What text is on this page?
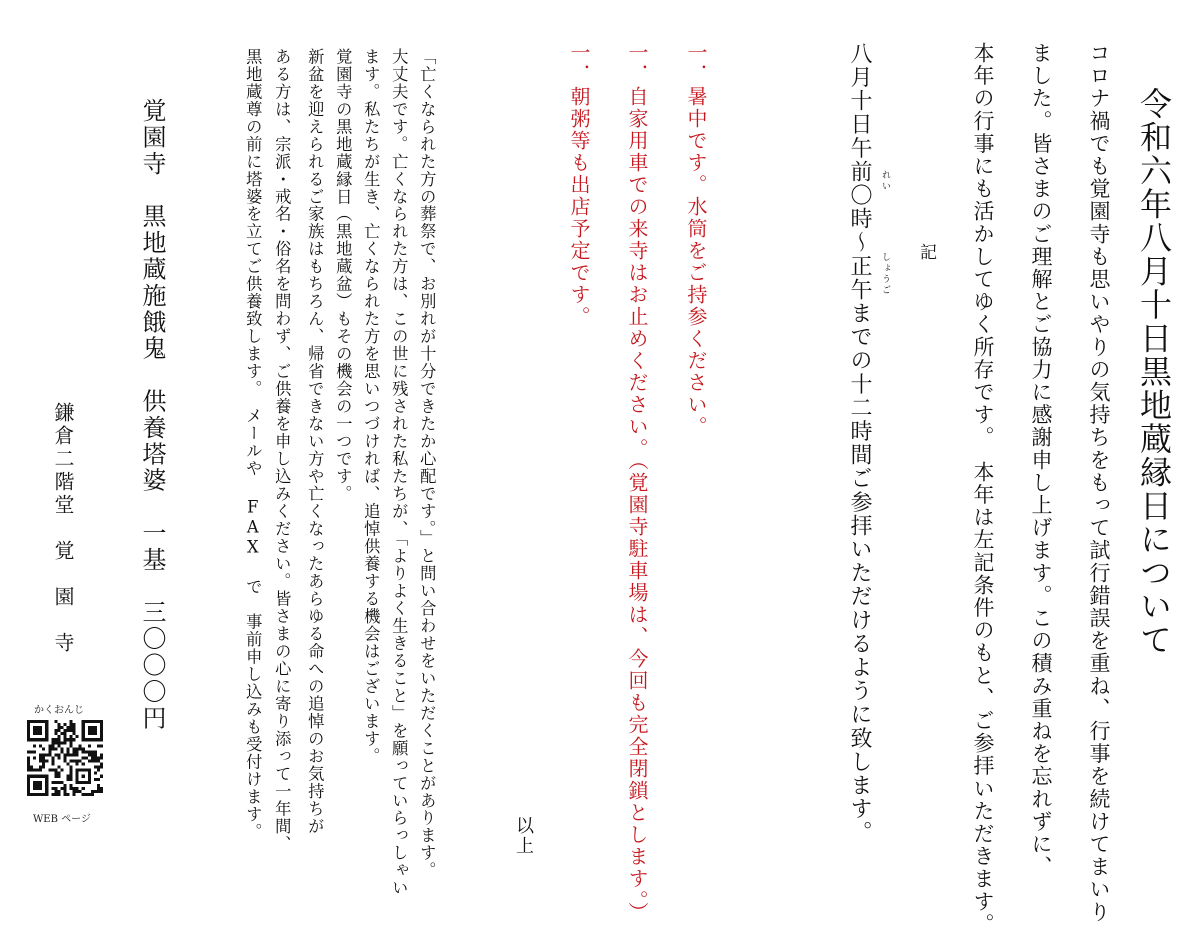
令和六年八月十日黒地蔵縁日について
コロナ禍でも覚園寺も思いやりの気持ちをもって試行錯誤を重ね、行事を続けてまいり
ました。皆さまのご理解とご協力に感謝申し上げます。この積み重ねを忘れずに、
本年の行事にも活かしてゆく所存です。　本年は左記条件のもと、ご参拝いただきます。
記
れい
しょうご
八月十日午前〇時～正午までの十二時間ご参拝いただけるように致します。
一．暑中です。水筒をご持参ください。
一．自家用車での来寺はお止めください。（覚園寺駐車場は、今回も完全閉鎖とします。）
一．朝粥等も出店予定です。
以上
「亡くなられた方の葬祭で、お別れが十分できたか心配です。」と問い合わせをいただくことがあります。
大丈夫です。亡くなられた方は、この世に残された私たちが、「よりよく生きること」を願っていらっしゃい
ます。私たちが生き、亡くなられた方を思いつづければ、追悼供養する機会はございます。
覚園寺の黒地蔵縁日（黒地蔵盆）もその機会の一つです。
新盆を迎えられるご家族はもちろん、帰省できない方や亡くなったあらゆる命への追悼のお気持ちが
ある方は、宗派・戒名・俗名を問わず、ご供養を申し込みください。皆さまの心に寄り添って一年間、
黒地蔵尊の前に塔婆を立てご供養致します。　メールや FAX で　事前申し込みも受付けます。
覚園寺　黒地蔵施餓鬼　供養塔婆　一基　三〇〇〇円
鎌倉二階堂　覚　園　寺
かくおんじ
WEB ページ
